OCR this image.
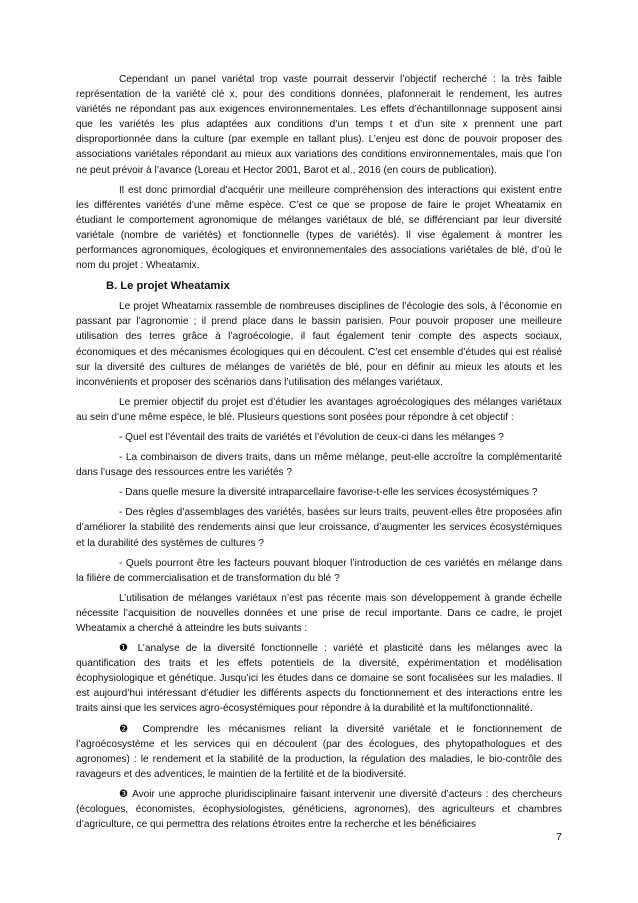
Cependant un panel variétal trop vaste pourrait desservir l’objectif recherché : la très faible représentation de la variété clé x, pour des conditions données, plafonnerait le rendement, les autres variétés ne répondant pas aux exigences environnementales. Les effets d’échantillonnage supposent ainsi que les variétés les plus adaptées aux conditions d’un temps t et d’un site x prennent une part disproportionnée dans la culture (par exemple en tallant plus). L’enjeu est donc de pouvoir proposer des associations variétales répondant au mieux aux variations des conditions environnementales, mais que l’on ne peut prévoir à l’avance (Loreau et Hector 2001, Barot et al., 2016 (en cours de publication).

Il est donc primordial d’acquérir une meilleure compréhension des interactions qui existent entre les différentes variétés d’une même espèce. C’est ce que se propose de faire le projet Wheatamix en étudiant le comportement agronomique de mélanges variétaux de blé, se différenciant par leur diversité variétale (nombre de variétés) et fonctionnelle (types de variétés). Il vise également à montrer les performances agronomiques, écologiques et environnementales des associations variétales de blé, d’où le nom du projet : Wheatamix.

B. Le projet Wheatamix

Le projet Wheatamix rassemble de nombreuses disciplines de l’écologie des sols, à l’économie en passant par l’agronomie ; il prend place dans le bassin parisien. Pour pouvoir proposer une meilleure utilisation des terres grâce à l’agroécologie, il faut également tenir compte des aspects sociaux, économiques et des mécanismes écologiques qui en découlent. C’est cet ensemble d’études qui est réalisé sur la diversité des cultures de mélanges de variétés de blé, pour en définir au mieux les atouts et les inconvénients et proposer des scénarios dans l’utilisation des mélanges variétaux.

Le premier objectif du projet est d’étudier les avantages agroécologiques des mélanges variétaux au sein d’une même espèce, le blé. Plusieurs questions sont posées pour répondre à cet objectif :

- Quel est l’éventail des traits de variétés et l’évolution de ceux-ci dans les mélanges ?

- La combinaison de divers traits, dans un même mélange, peut-elle accroître la complémentarité dans l’usage des ressources entre les variétés ?

- Dans quelle mesure la diversité intraparcellaire favorise-t-elle les services écosystémiques ?

- Des règles d’assemblages des variétés, basées sur leurs traits, peuvent-elles être proposées afin d’améliorer la stabilité des rendements ainsi que leur croissance, d’augmenter les services écosystémiques et la durabilité des systèmes de cultures ?

- Quels pourront être les facteurs pouvant bloquer l’introduction de ces variétés en mélange dans la filière de commercialisation et de transformation du blé ?

L’utilisation de mélanges variétaux n’est pas récente mais son développement à grande échelle nécessite l’acquisition de nouvelles données et une prise de recul importante. Dans ce cadre, le projet Wheatamix a cherché à atteindre les buts suivants :

❶ L’analyse de la diversité fonctionnelle : variété et plasticité dans les mélanges avec la quantification des traits et les effets potentiels de la diversité, expérimentation et modélisation écophysiologique et génétique. Jusqu’ici les études dans ce domaine se sont focalisées sur les maladies. Il est aujourd’hui intéressant d’étudier les différents aspects du fonctionnement et des interactions entre les traits ainsi que les services agro-écosystémiques pour répondre à la durabilité et la multifonctionnalité.

❷ Comprendre les mécanismes reliant la diversité variétale et le fonctionnement de l’agroécosystème et les services qui en découlent (par des écologues, des phytopathologues et des agronomes) : le rendement et la stabilité de la production, la régulation des maladies, le bio-contrôle des ravageurs et des adventices, le maintien de la fertilité et de la biodiversité.

❸ Avoir une approche pluridisciplinaire faisant intervenir une diversité d’acteurs : des chercheurs (écologues, économistes, écophysiologistes, généticiens, agronomes), des agriculteurs et chambres d’agriculture, ce qui permettra des relations étroites entre la recherche et les bénéficiaires

7
